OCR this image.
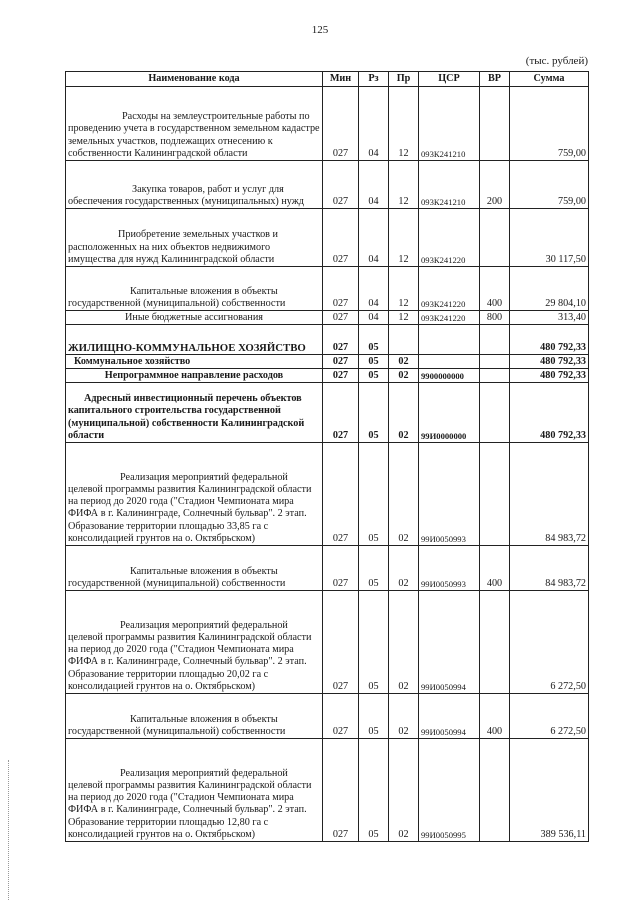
125
(тыс. рублей)
Наименование кода	Мин	Рз	Пр	ЦСР	ВР	Сумма
Расходы на землеустроительные работы по проведению учета в государственном земельном кадастре земельных участков, подлежащих отнесению к собственности Калининградской области	027	04	12	093К241210		759,00
Закупка товаров, работ и услуг для обеспечения государственных (муниципальных) нужд	027	04	12	093К241210	200	759,00
Приобретение земельных участков и расположенных на них объектов недвижимого имущества для нужд Калининградской области	027	04	12	093К241220		30 117,50
Капитальные вложения в объекты государственной (муниципальной) собственности	027	04	12	093К241220	400	29 804,10
Иные бюджетные ассигнования	027	04	12	093К241220	800	313,40
ЖИЛИЩНО-КОММУНАЛЬНОЕ ХОЗЯЙСТВО	027	05				480 792,33
Коммунальное хозяйство	027	05	02			480 792,33
Непрограммное направление расходов	027	05	02	9900000000		480 792,33
Адресный инвестиционный перечень объектов капитального строительства государственной (муниципальной) собственности Калининградской области	027	05	02	99И0000000		480 792,33
Реализация мероприятий федеральной целевой программы развития Калининградской области на период до 2020 года ("Стадион Чемпионата мира ФИФА в г. Калининграде, Солнечный бульвар". 2 этап. Образование территории площадью 33,85 га с консолидацией грунтов на о. Октябрьском)	027	05	02	99И0050993		84 983,72
Капитальные вложения в объекты государственной (муниципальной) собственности	027	05	02	99И0050993	400	84 983,72
Реализация мероприятий федеральной целевой программы развития Калининградской области на период до 2020 года ("Стадион Чемпионата мира ФИФА в г. Калининграде, Солнечный бульвар". 2 этап. Образование территории площадью 20,02 га с консолидацией грунтов на о. Октябрьском)	027	05	02	99И0050994		6 272,50
Капитальные вложения в объекты государственной (муниципальной) собственности	027	05	02	99И0050994	400	6 272,50
Реализация мероприятий федеральной целевой программы развития Калининградской области на период до 2020 года ("Стадион Чемпионата мира ФИФА в г. Калининграде, Солнечный бульвар". 2 этап. Образование территории площадью 12,80 га с консолидацией грунтов на о. Октябрьском)	027	05	02	99И0050995		389 536,11
